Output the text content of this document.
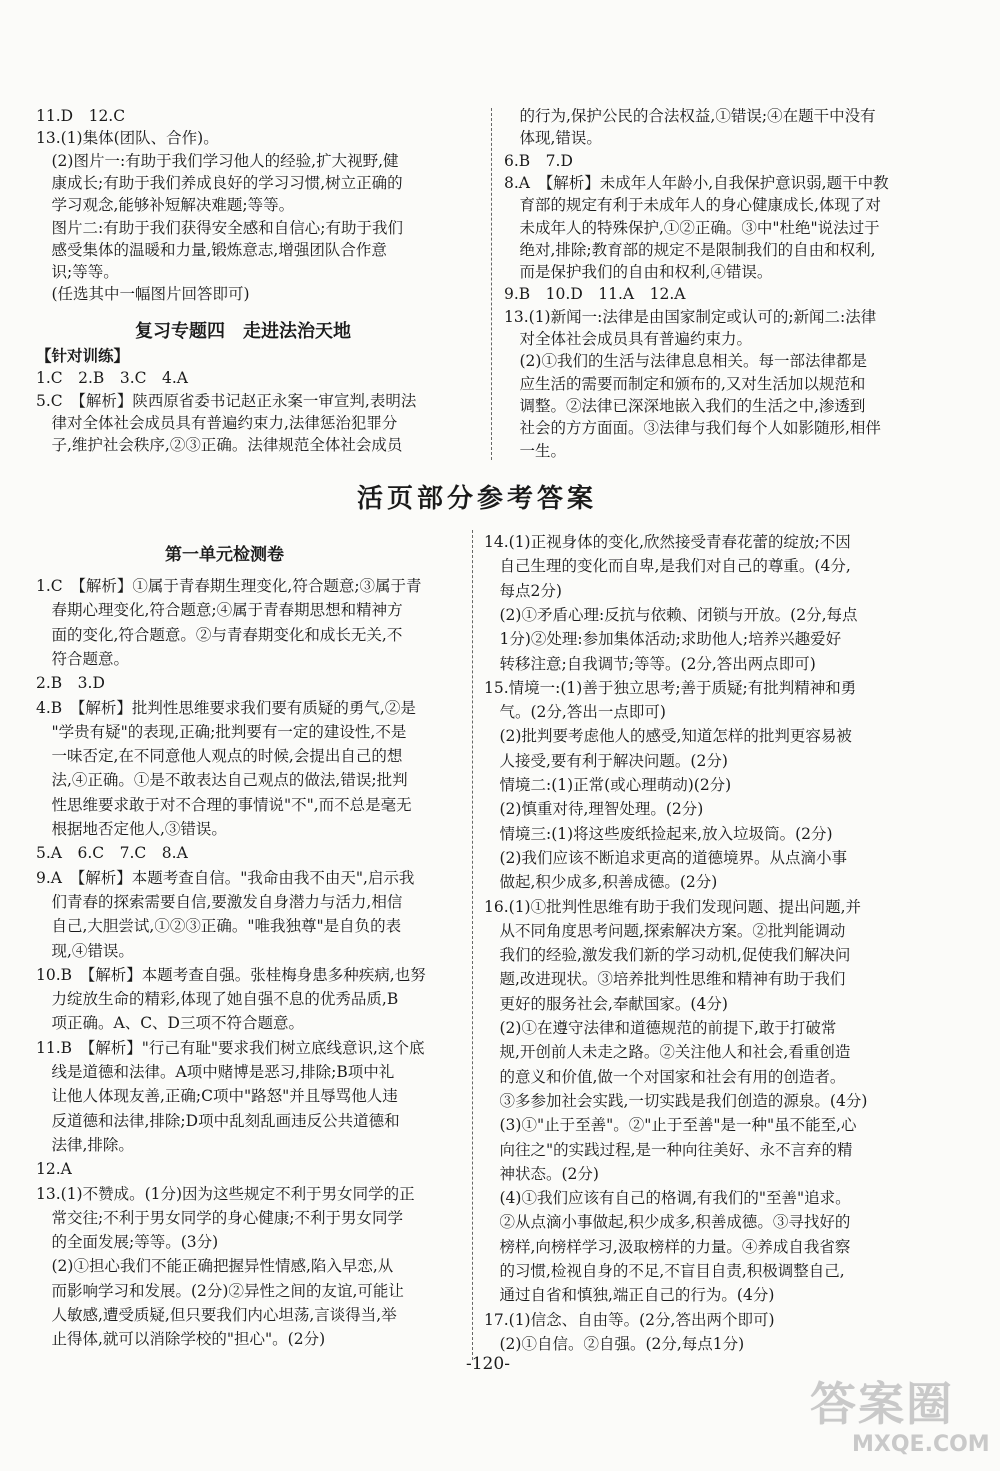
复习专题四　走进法治天地
活页部分参考答案
第一单元检测卷
-120-
答案圈
MXQE.COM
11.D　12.C
13.(1)集体(团队、合作)。
　(2)图片一:有助于我们学习他人的经验,扩大视野,健
　康成长;有助于我们养成良好的学习习惯,树立正确的
　学习观念,能够补短解决难题;等等。
　图片二:有助于我们获得安全感和自信心;有助于我们
　感受集体的温暖和力量,锻炼意志,增强团队合作意
　识;等等。
　(任选其中一幅图片回答即可)
【针对训练】
1.C　2.B　3.C　4.A
5.C　【解析】陕西原省委书记赵正永案一审宣判,表明法
　律对全体社会成员具有普遍约束力,法律惩治犯罪分
　子,维护社会秩序,②③正确。法律规范全体社会成员
　的行为,保护公民的合法权益,①错误;④在题干中没有
　体现,错误。
6.B　7.D
8.A　【解析】未成年人年龄小,自我保护意识弱,题干中教
　育部的规定有利于未成年人的身心健康成长,体现了对
　未成年人的特殊保护,①②正确。③中"杜绝"说法过于
　绝对,排除;教育部的规定不是限制我们的自由和权利,
　而是保护我们的自由和权利,④错误。
9.B　10.D　11.A　12.A
13.(1)新闻一:法律是由国家制定或认可的;新闻二:法律
　对全体社会成员具有普遍约束力。
　(2)①我们的生活与法律息息相关。每一部法律都是
　应生活的需要而制定和颁布的,又对生活加以规范和
　调整。②法律已深深地嵌入我们的生活之中,渗透到
　社会的方方面面。③法律与我们每个人如影随形,相伴
　一生。
1.C　【解析】①属于青春期生理变化,符合题意;③属于青
　春期心理变化,符合题意;④属于青春期思想和精神方
　面的变化,符合题意。②与青春期变化和成长无关,不
　符合题意。
2.B　3.D
4.B　【解析】批判性思维要求我们要有质疑的勇气,②是
　"学贵有疑"的表现,正确;批判要有一定的建设性,不是
　一味否定,在不同意他人观点的时候,会提出自己的想
　法,④正确。①是不敢表达自己观点的做法,错误;批判
　性思维要求敢于对不合理的事情说"不",而不总是毫无
　根据地否定他人,③错误。
5.A　6.C　7.C　8.A
9.A　【解析】本题考查自信。"我命由我不由天",启示我
　们青春的探索需要自信,要激发自身潜力与活力,相信
　自己,大胆尝试,①②③正确。"唯我独尊"是自负的表
　现,④错误。
10.B　【解析】本题考查自强。张桂梅身患多种疾病,也努
　力绽放生命的精彩,体现了她自强不息的优秀品质,B
　项正确。A、C、D三项不符合题意。
11.B　【解析】"行己有耻"要求我们树立底线意识,这个底
　线是道德和法律。A项中赌博是恶习,排除;B项中礼
　让他人体现友善,正确;C项中"路怒"并且辱骂他人违
　反道德和法律,排除;D项中乱刻乱画违反公共道德和
　法律,排除。
12.A
13.(1)不赞成。(1分)因为这些规定不利于男女同学的正
　常交往;不利于男女同学的身心健康;不利于男女同学
　的全面发展;等等。(3分)
　(2)①担心我们不能正确把握异性情感,陷入早恋,从
　而影响学习和发展。(2分)②异性之间的友谊,可能让
　人敏感,遭受质疑,但只要我们内心坦荡,言谈得当,举
　止得体,就可以消除学校的"担心"。(2分)
14.(1)正视身体的变化,欣然接受青春花蕾的绽放;不因
　自己生理的变化而自卑,是我们对自己的尊重。(4分,
　每点2分)
　(2)①矛盾心理:反抗与依赖、闭锁与开放。(2分,每点
　1分)②处理:参加集体活动;求助他人;培养兴趣爱好
　转移注意;自我调节;等等。(2分,答出两点即可)
15.情境一:(1)善于独立思考;善于质疑;有批判精神和勇
　气。(2分,答出一点即可)
　(2)批判要考虑他人的感受,知道怎样的批判更容易被
　人接受,要有利于解决问题。(2分)
　情境二:(1)正常(或心理萌动)(2分)
　(2)慎重对待,理智处理。(2分)
　情境三:(1)将这些废纸捡起来,放入垃圾筒。(2分)
　(2)我们应该不断追求更高的道德境界。从点滴小事
　做起,积少成多,积善成德。(2分)
16.(1)①批判性思维有助于我们发现问题、提出问题,并
　从不同角度思考问题,探索解决方案。②批判能调动
　我们的经验,激发我们新的学习动机,促使我们解决问
　题,改进现状。③培养批判性思维和精神有助于我们
　更好的服务社会,奉献国家。(4分)
　(2)①在遵守法律和道德规范的前提下,敢于打破常
　规,开创前人未走之路。②关注他人和社会,看重创造
　的意义和价值,做一个对国家和社会有用的创造者。
　③多参加社会实践,一切实践是我们创造的源泉。(4分)
　(3)①"止于至善"。②"止于至善"是一种"虽不能至,心
　向往之"的实践过程,是一种向往美好、永不言弃的精
　神状态。(2分)
　(4)①我们应该有自己的格调,有我们的"至善"追求。
　②从点滴小事做起,积少成多,积善成德。③寻找好的
　榜样,向榜样学习,汲取榜样的力量。④养成自我省察
　的习惯,检视自身的不足,不盲目自责,积极调整自己,
　通过自省和慎独,端正自己的行为。(4分)
17.(1)信念、自由等。(2分,答出两个即可)
　(2)①自信。②自强。(2分,每点1分)
